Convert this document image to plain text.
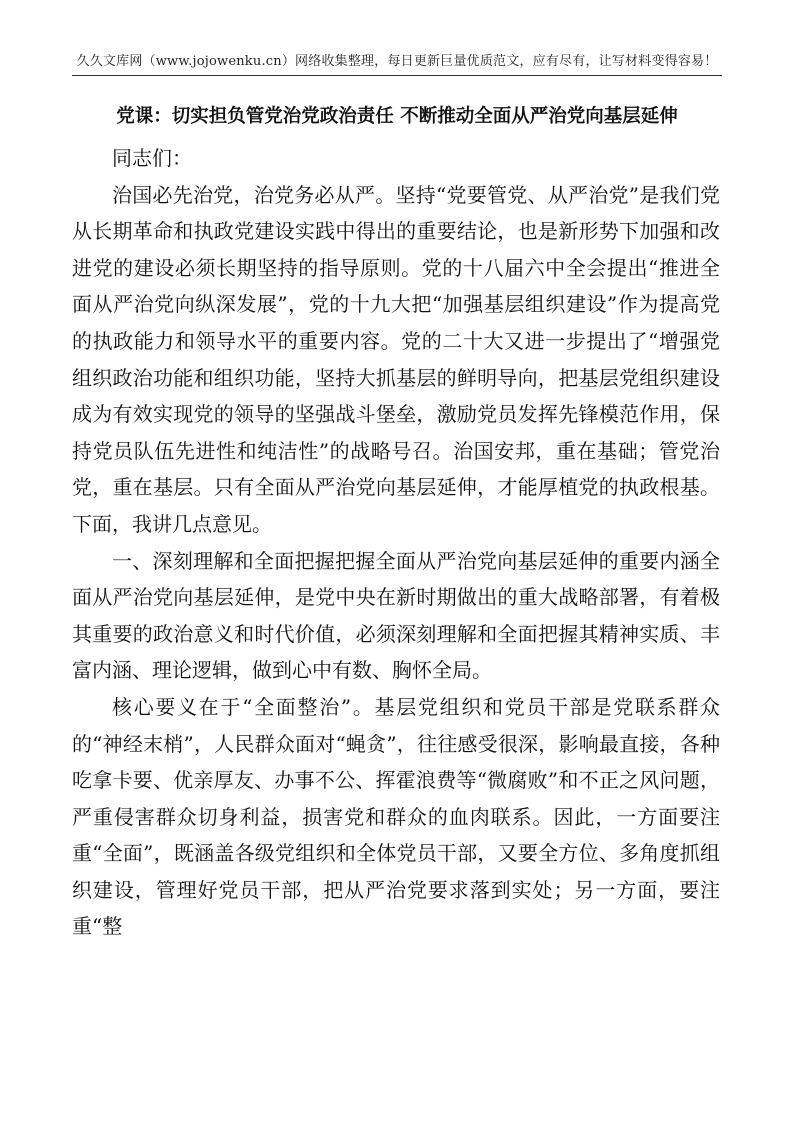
久久文库网（www.jojowenku.cn）网络收集整理，每日更新巨量优质范文，应有尽有，让写材料变得容易！
党课：切实担负管党治党政治责任 不断推动全面从严治党向基层延伸

同志们：

治国必先治党，治党务必从严。坚持“党要管党、从严治党”是我们党从长期革命和执政党建设实践中得出的重要结论，也是新形势下加强和改进党的建设必须长期坚持的指导原则。党的十八届六中全会提出“推进全面从严治党向纵深发展”，党的十九大把“加强基层组织建设”作为提高党的执政能力和领导水平的重要内容。党的二十大又进一步提出了“增强党组织政治功能和组织功能，坚持大抓基层的鲜明导向，把基层党组织建设成为有效实现党的领导的坚强战斗堡垒，激励党员发挥先锋模范作用，保持党员队伍先进性和纯洁性”的战略号召。治国安邦，重在基础；管党治党，重在基层。只有全面从严治党向基层延伸，才能厚植党的执政根基。下面，我讲几点意见。

一、深刻理解和全面把握把握全面从严治党向基层延伸的重要内涵全面从严治党向基层延伸，是党中央在新时期做出的重大战略部署，有着极其重要的政治意义和时代价值，必须深刻理解和全面把握其精神实质、丰富内涵、理论逻辑，做到心中有数、胸怀全局。

核心要义在于“全面整治”。基层党组织和党员干部是党联系群众的“神经末梢”，人民群众面对“蝇贪”，往往感受很深，影响最直接，各种吃拿卡要、优亲厚友、办事不公、挥霍浪费等“微腐败”和不正之风问题，严重侵害群众切身利益，损害党和群众的血肉联系。因此，一方面要注重“全面”，既涵盖各级党组织和全体党员干部，又要全方位、多角度抓组织建设，管理好党员干部，把从严治党要求落到实处；另一方面，要注重“整
